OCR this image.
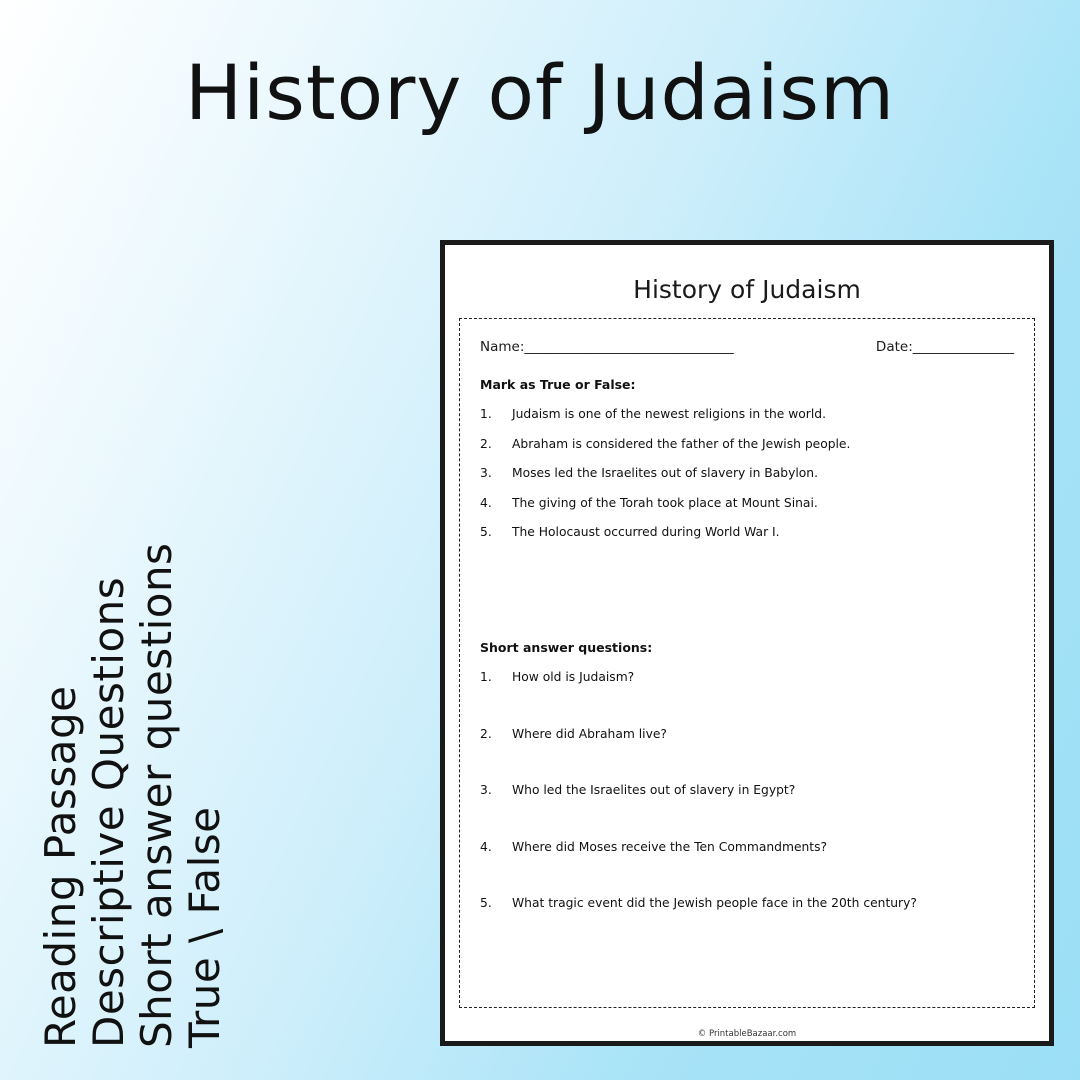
History of Judaism
Reading Passage Descriptive Questions Short answer questions True \ False
History of Judaism
Name:_______________________________	Date:_______________
Mark as True or False:
1.	Judaism is one of the newest religions in the world.
2.	Abraham is considered the father of the Jewish people.
3.	Moses led the Israelites out of slavery in Babylon.
4.	The giving of the Torah took place at Mount Sinai.
5.	The Holocaust occurred during World War I.
Short answer questions:
1.	How old is Judaism?
2.	Where did Abraham live?
3.	Who led the Israelites out of slavery in Egypt?
4.	Where did Moses receive the Ten Commandments?
5.	What tragic event did the Jewish people face in the 20th century?
© PrintableBazaar.com
